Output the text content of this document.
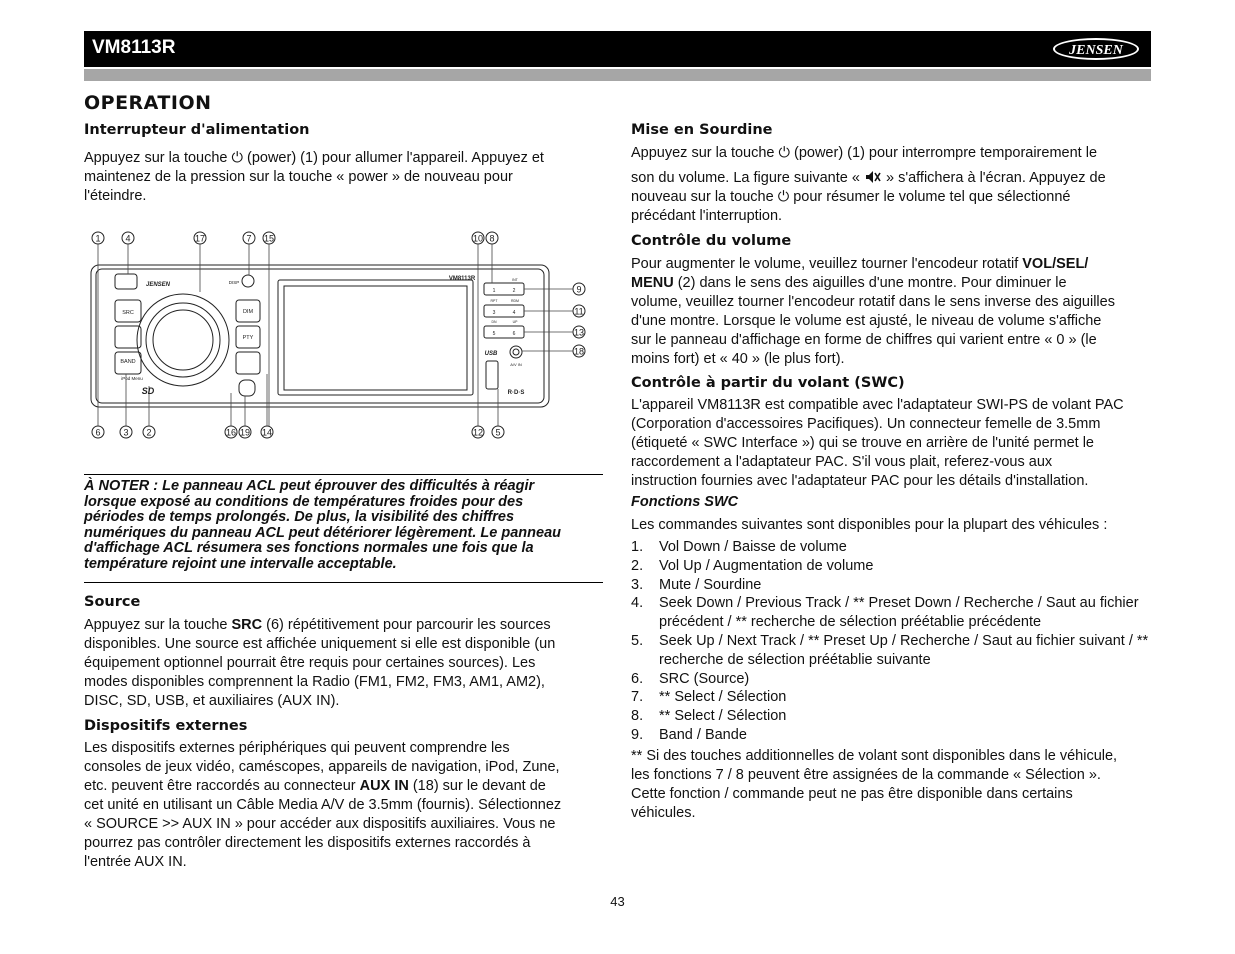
VM8113R	JENSEN
OPERATION
Interrupteur d'alimentation

Appuyez sur la touche ⏻ (power) (1) pour allumer l'appareil. Appuyez et
maintenez de la pression sur la touche « power » de nouveau pour
l'éteindre.

1	4	17	7 15	10 8
9
11
13
18
6	3 2	16 19 14	12 5
JENSEN
VM8113R
SRC
BAND
DIM
PTY
DISP
iPod Menu
1	2
3	4
5	6
INT
RPT	RDM
DN	UP
USB
A/V IN
R·D·S
SD
À NOTER : Le panneau ACL peut éprouver des difficultés à réagir
lorsque exposé au conditions de températures froides pour des
périodes de temps prolongés. De plus, la visibilité des chiffres
numériques du panneau ACL peut détériorer légèrement. Le panneau
d'affichage ACL résumera ses fonctions normales une fois que la
température rejoint une intervalle acceptable.
Source

Appuyez sur la touche SRC (6) répétitivement pour parcourir les sources
disponibles. Une source est affichée uniquement si elle est disponible (un
équipement optionnel pourrait être requis pour certaines sources). Les
modes disponibles comprennent la Radio (FM1, FM2, FM3, AM1, AM2),
DISC, SD, USB, et auxiliaires (AUX IN).

Dispositifs externes

Les dispositifs externes périphériques qui peuvent comprendre les
consoles de jeux vidéo, caméscopes, appareils de navigation, iPod, Zune,
etc. peuvent être raccordés au connecteur AUX IN (18) sur le devant de
cet unité en utilisant un Câble Media A/V de 3.5mm (fournis). Sélectionnez
« SOURCE >> AUX IN » pour accéder aux dispositifs auxiliaires. Vous ne
pourrez pas contrôler directement les dispositifs externes raccordés à
l'entrée AUX IN.

Mise en Sourdine

Appuyez sur la touche ⏻ (power) (1) pour interrompre temporairement le

son du volume. La figure suivante «  » s'affichera à l'écran. Appuyez de
nouveau sur la touche ⏻ pour résumer le volume tel que sélectionné
précédant l'interruption.

Contrôle du volume

Pour augmenter le volume, veuillez tourner l'encodeur rotatif VOL/SEL/
MENU (2) dans le sens des aiguilles d'une montre. Pour diminuer le
volume, veuillez tourner l'encodeur rotatif dans le sens inverse des aiguilles
d'une montre. Lorsque le volume est ajusté, le niveau de volume s'affiche
sur le panneau d'affichage en forme de chiffres qui varient entre « 0 » (le
moins fort) et « 40 » (le plus fort).

Contrôle à partir du volant (SWC)

L'appareil VM8113R est compatible avec l'adaptateur SWI-PS de volant PAC
(Corporation d'accessoires Pacifiques). Un connecteur femelle de 3.5mm
(étiqueté « SWC Interface ») qui se trouve en arrière de l'unité permet le
raccordement a l'adaptateur PAC. S'il vous plait, referez-vous aux
instruction fournies avec l'adaptateur PAC pour les détails d'installation.

Fonctions SWC

Les commandes suivantes sont disponibles pour la plupart des véhicules :

1. Vol Down / Baisse de volume
2. Vol Up / Augmentation de volume
3. Mute / Sourdine
4. Seek Down / Previous Track / ** Preset Down / Recherche / Saut au fichier précédent / ** recherche de sélection préétablie précédente
5. Seek Up / Next Track / ** Preset Up / Recherche / Saut au fichier suivant / ** recherche de sélection préétablie suivante
6. SRC (Source)
7. ** Select / Sélection
8. ** Select / Sélection
9. Band / Bande

** Si des touches additionnelles de volant sont disponibles dans le véhicule,
les fonctions 7 / 8 peuvent être assignées de la commande « Sélection ».
Cette fonction / commande peut ne pas être disponible dans certains
véhicules.

43
